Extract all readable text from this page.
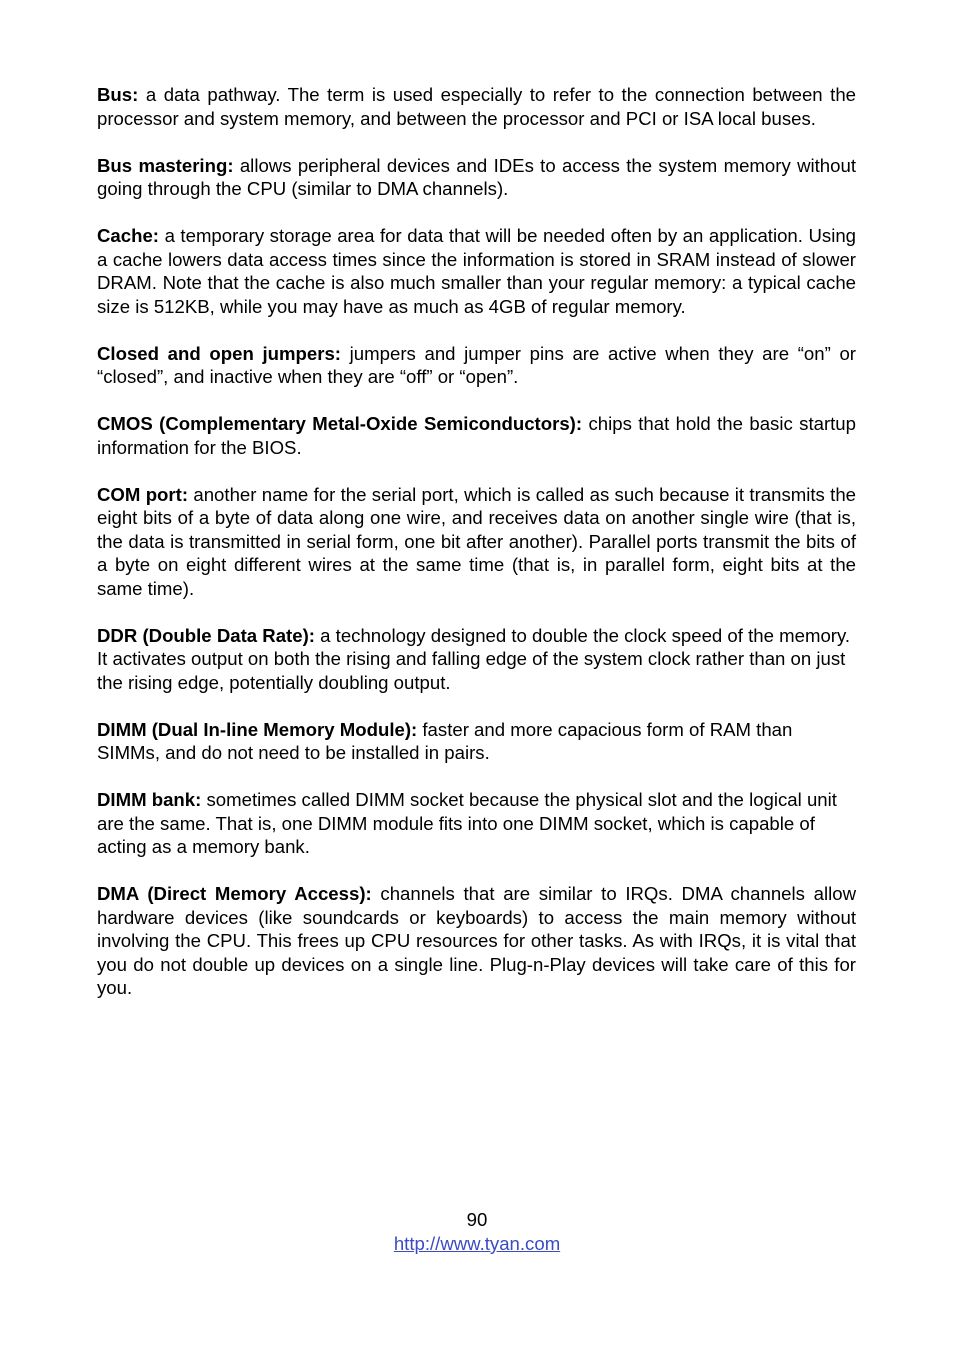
Bus: a data pathway. The term is used especially to refer to the connection between the processor and system memory, and between the processor and PCI or ISA local buses.

Bus mastering: allows peripheral devices and IDEs to access the system memory without going through the CPU (similar to DMA channels).

Cache: a temporary storage area for data that will be needed often by an application. Using a cache lowers data access times since the information is stored in SRAM instead of slower DRAM. Note that the cache is also much smaller than your regular memory: a typical cache size is 512KB, while you may have as much as 4GB of regular memory.

Closed and open jumpers: jumpers and jumper pins are active when they are “on” or “closed”, and inactive when they are “off” or “open”.

CMOS (Complementary Metal-Oxide Semiconductors): chips that hold the basic startup information for the BIOS.

COM port: another name for the serial port, which is called as such because it transmits the eight bits of a byte of data along one wire, and receives data on another single wire (that is, the data is transmitted in serial form, one bit after another). Parallel ports transmit the bits of a byte on eight different wires at the same time (that is, in parallel form, eight bits at the same time).

DDR (Double Data Rate): a technology designed to double the clock speed of the memory. It activates output on both the rising and falling edge of the system clock rather than on just the rising edge, potentially doubling output.

DIMM (Dual In-line Memory Module): faster and more capacious form of RAM than SIMMs, and do not need to be installed in pairs.

DIMM bank: sometimes called DIMM socket because the physical slot and the logical unit are the same. That is, one DIMM module fits into one DIMM socket, which is capable of acting as a memory bank.

DMA (Direct Memory Access): channels that are similar to IRQs. DMA channels allow hardware devices (like soundcards or keyboards) to access the main memory without involving the CPU. This frees up CPU resources for other tasks. As with IRQs, it is vital that you do not double up devices on a single line. Plug-n-Play devices will take care of this for you.

90
http://www.tyan.com
